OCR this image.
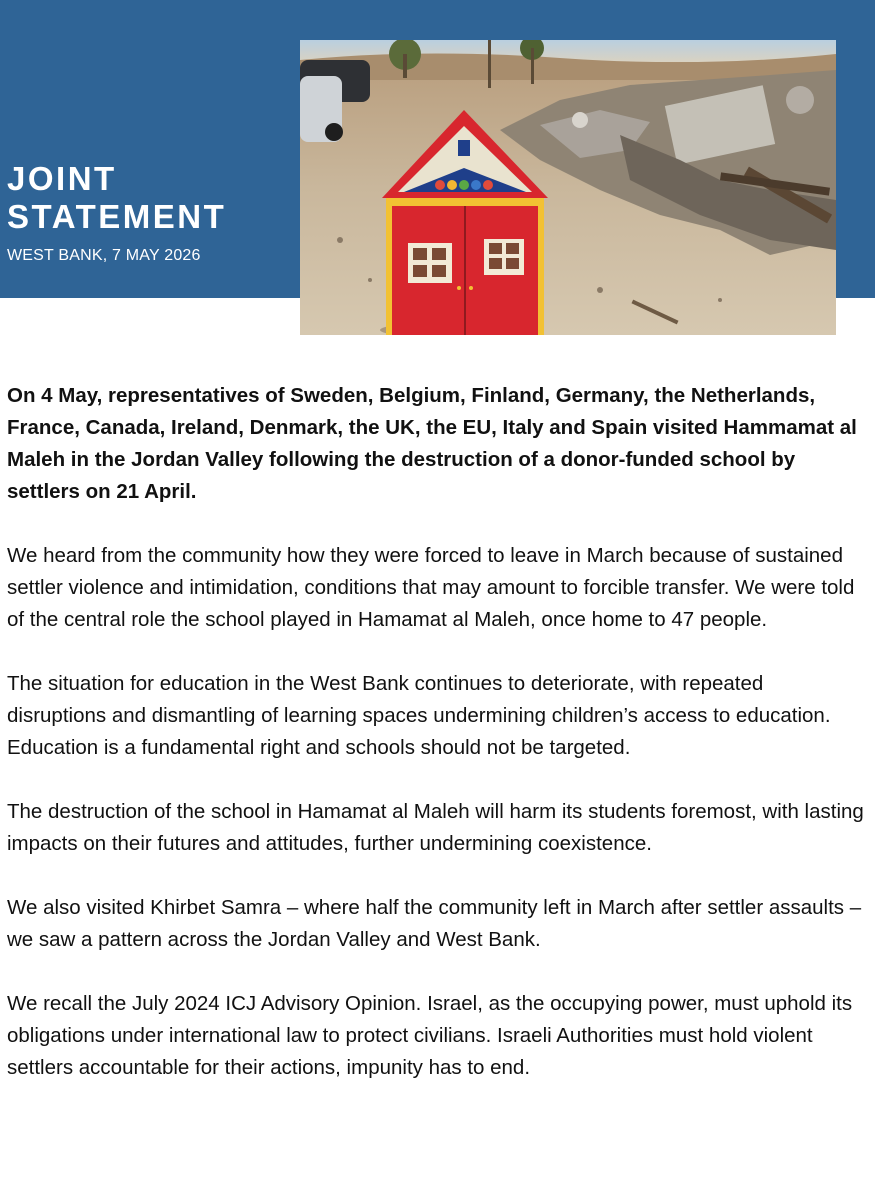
JOINT
STATEMENT
WEST BANK, 7 MAY 2026

On 4 May, representatives of Sweden, Belgium, Finland, Germany, the Netherlands, France, Canada, Ireland, Denmark, the UK, the EU, Italy and Spain visited Hammamat al Maleh in the Jordan Valley following the destruction of a donor-funded school by settlers on 21 April.

We heard from the community how they were forced to leave in March because of sustained settler violence and intimidation, conditions that may amount to forcible transfer. We were told of the central role the school played in Hamamat al Maleh, once home to 47 people.

The situation for education in the West Bank continues to deteriorate, with repeated disruptions and dismantling of learning spaces undermining children’s access to education. Education is a fundamental right and schools should not be targeted.

The destruction of the school in Hamamat al Maleh will harm its students foremost, with lasting impacts on their futures and attitudes, further undermining coexistence.

We also visited Khirbet Samra – where half the community left in March after settler assaults – we saw a pattern across the Jordan Valley and West Bank.

We recall the July 2024 ICJ Advisory Opinion. Israel, as the occupying power, must uphold its obligations under international law to protect civilians. Israeli Authorities must hold violent settlers accountable for their actions, impunity has to end.
